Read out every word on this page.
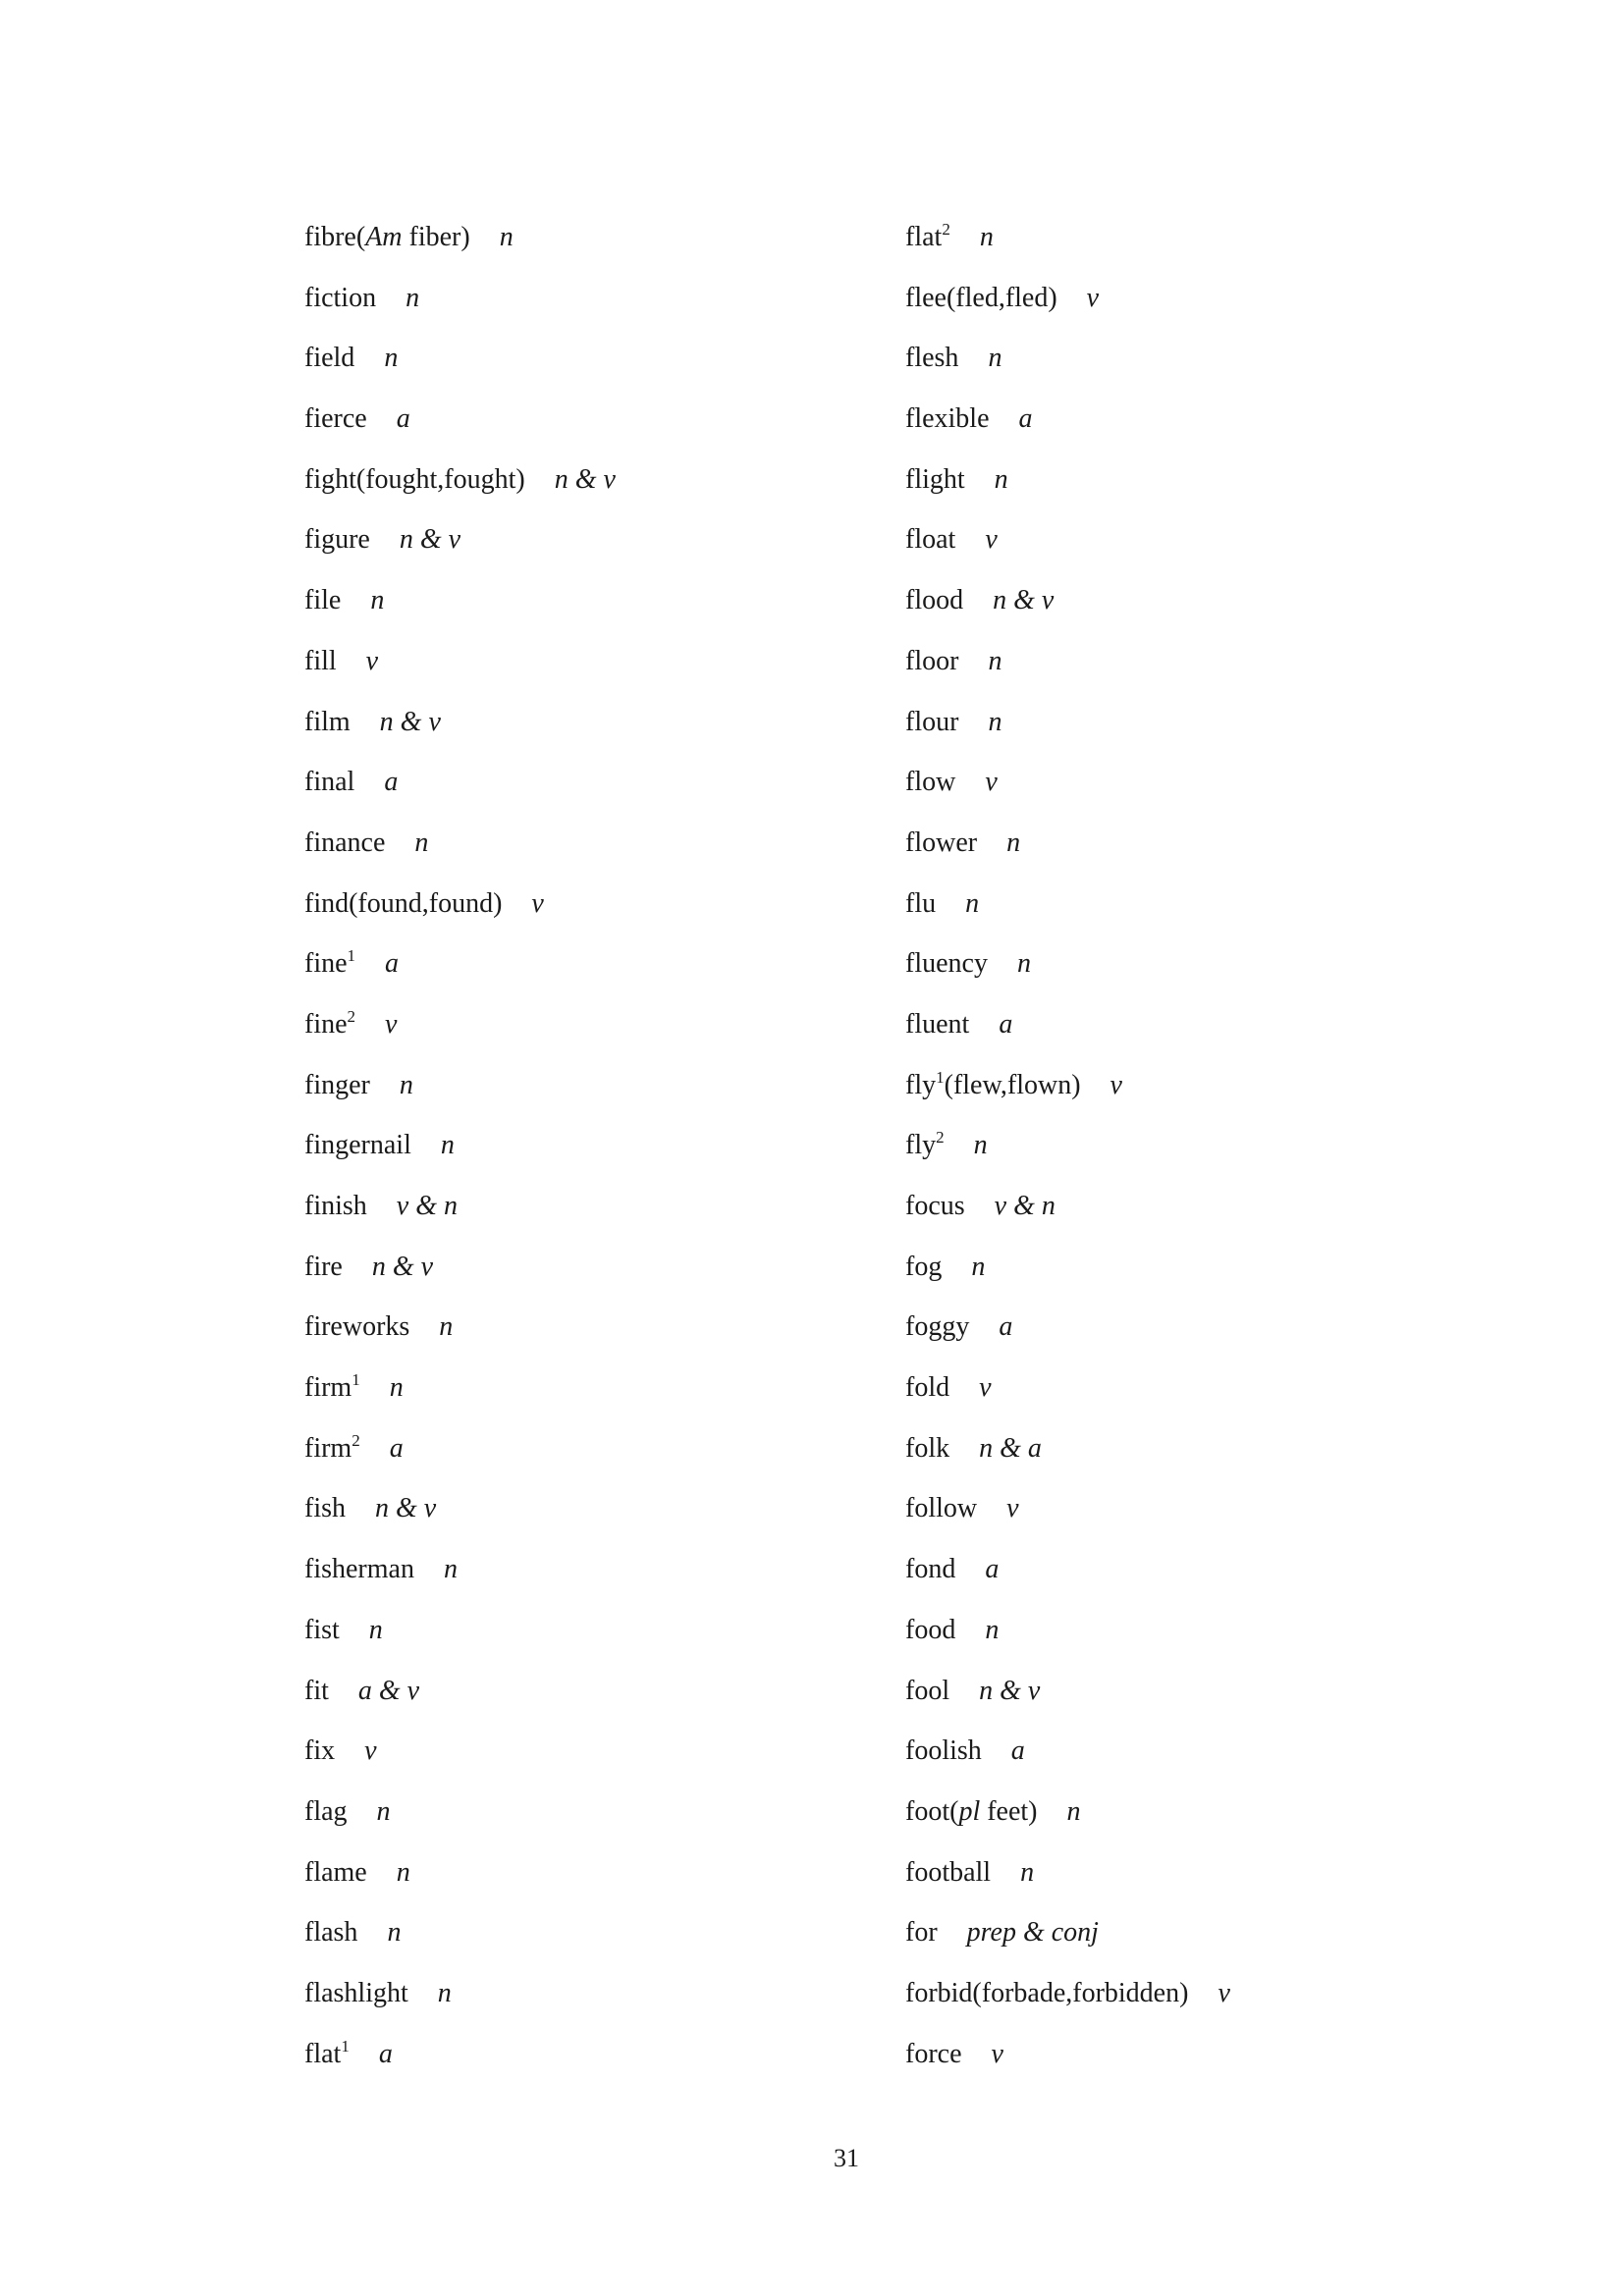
fibre(Am fiber) n
fiction n
field n
fierce a
fight(fought,fought) n & v
figure n & v
file n
fill v
film n & v
final a
finance n
find(found,found) v
fine$^1$ a
fine$^2$ v
finger n
fingernail n
finish v & n
fire n & v
fireworks n
firm$^1$ n
firm$^2$ a
fish n & v
fisherman n
fist n
fit a & v
fix v
flag n
flame n
flash n
flashlight n
flat$^1$ a
flat$^2$ n
flee(fled,fled) v
flesh n
flexible a
flight n
float v
flood n & v
floor n
flour n
flow v
flower n
flu n
fluency n
fluent a
fly$^1$(flew,flown) v
fly$^2$ n
focus v & n
fog n
foggy a
fold v
folk n & a
follow v
fond a
food n
fool n & v
foolish a
foot(pl feet) n
football n
for prep & conj
forbid(forbade,forbidden) v
force v
31
